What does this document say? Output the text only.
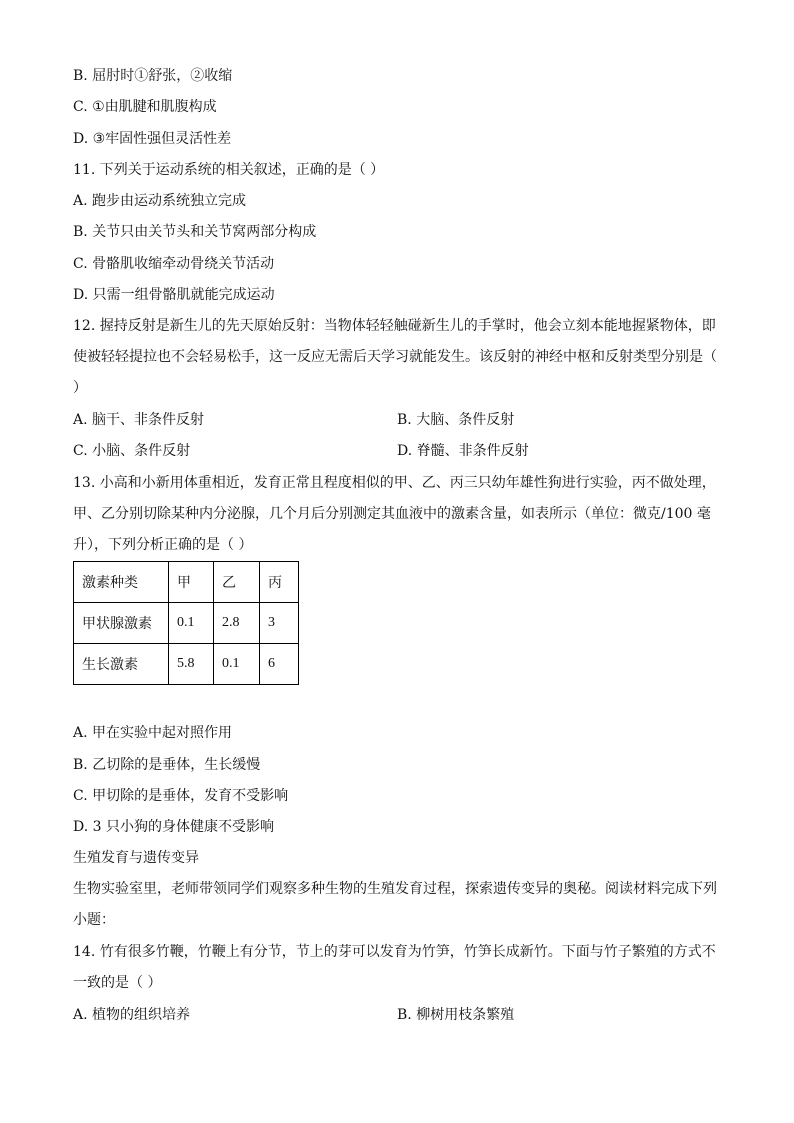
B. 屈肘时①舒张，②收缩
C. ①由肌腱和肌腹构成
D. ③牢固性强但灵活性差
11. 下列关于运动系统的相关叙述，正确的是（ ）
A. 跑步由运动系统独立完成
B. 关节只由关节头和关节窝两部分构成
C. 骨骼肌收缩牵动骨绕关节活动
D. 只需一组骨骼肌就能完成运动
12. 握持反射是新生儿的先天原始反射：当物体轻轻触碰新生儿的手掌时，他会立刻本能地握紧物体，即使被轻轻提拉也不会轻易松手，这一反应无需后天学习就能发生。该反射的神经中枢和反射类型分别是（ ）
A. 脑干、非条件反射	B. 大脑、条件反射
C. 小脑、条件反射	D. 脊髓、非条件反射
13. 小高和小新用体重相近，发育正常且程度相似的甲、乙、丙三只幼年雄性狗进行实验，丙不做处理，甲、乙分别切除某种内分泌腺，几个月后分别测定其血液中的激素含量，如表所示（单位：微克/100 毫升），下列分析正确的是（ ）
激素种类	甲	乙	丙
甲状腺激素	0.1	2.8	3
生长激素	5.8	0.1	6
A. 甲在实验中起对照作用
B. 乙切除的是垂体，生长缓慢
C. 甲切除的是垂体，发育不受影响
D. 3 只小狗的身体健康不受影响
生殖发育与遗传变异
生物实验室里，老师带领同学们观察多种生物的生殖发育过程，探索遗传变异的奥秘。阅读材料完成下列小题：
14. 竹有很多竹鞭，竹鞭上有分节，节上的芽可以发育为竹笋，竹笋长成新竹。下面与竹子繁殖的方式不一致的是（ ）
A. 植物的组织培养	B. 柳树用枝条繁殖
